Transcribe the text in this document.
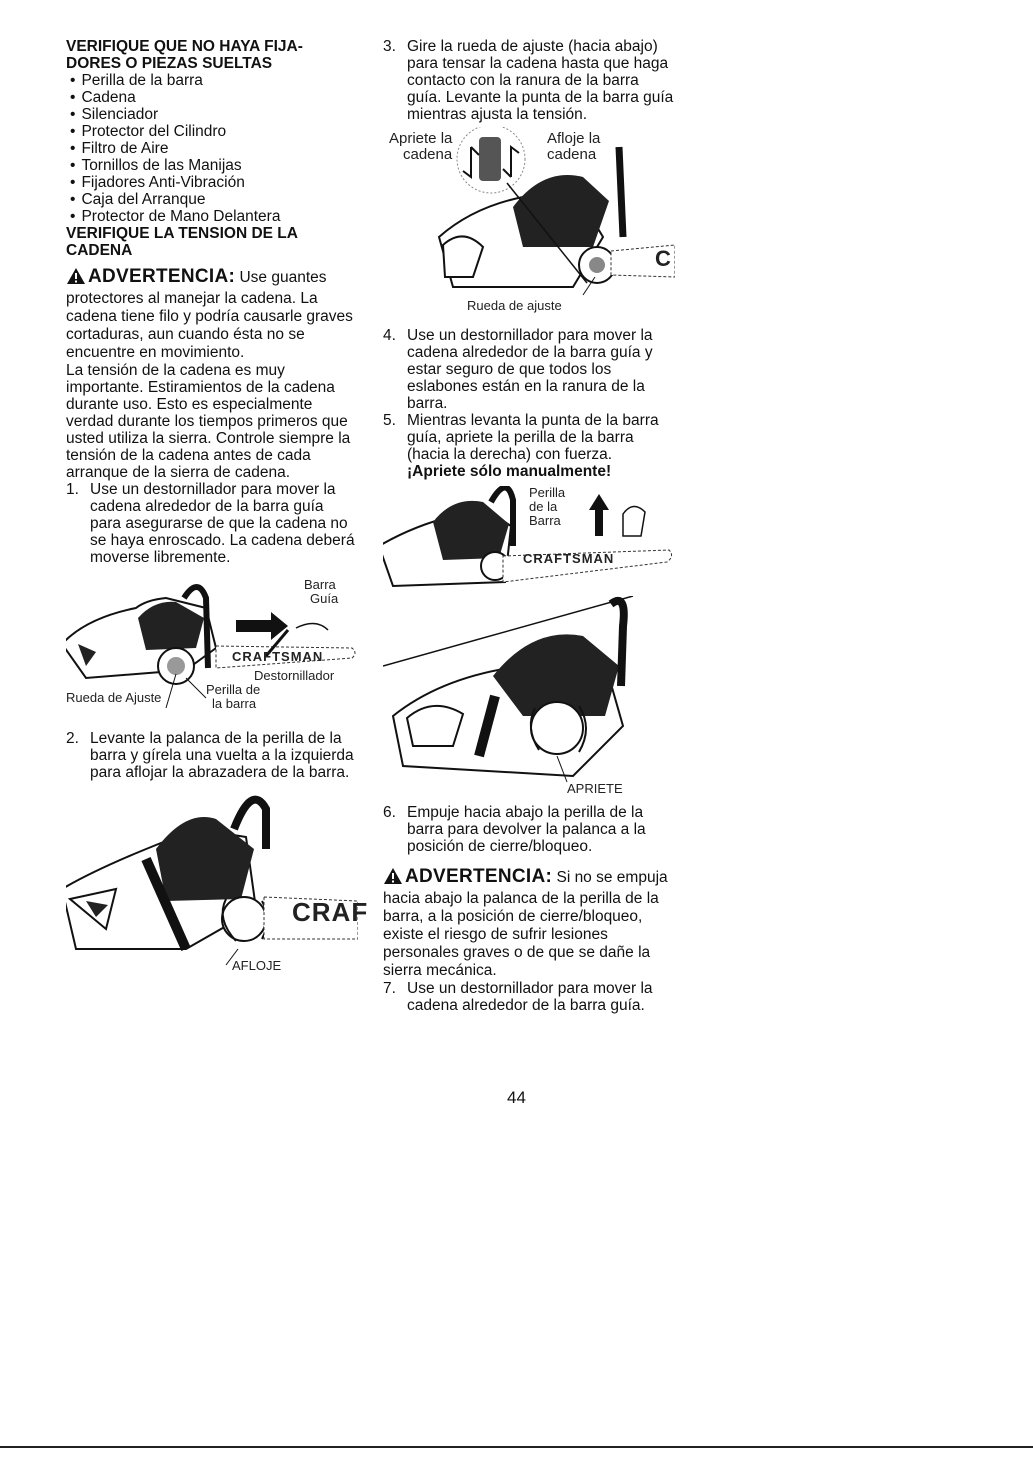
VERIFIQUE QUE NO HAYA FIJA-
DORES O PIEZAS SUELTAS

• Perilla de la barra
• Cadena
• Silenciador
• Protector del Cilindro
• Filtro de Aire
• Tornillos de las Manijas
• Fijadores Anti-Vibración
• Caja del Arranque
• Protector de Mano Delantera

VERIFIQUE LA TENSION DE LA
CADENA

ADVERTENCIA: Use guantes protectores al manejar la cadena. La cadena tiene filo y podría causarle graves cortaduras, aun cuando ésta no se encuentre en movimiento.

La tensión de la cadena es muy importante. Estiramientos de la cadena durante uso. Esto es especialmente verdad durante los tiempos primeros que usted utiliza la sierra. Controle siempre la tensión de la cadena antes de cada arranque de la sierra de cadena.

1. Use un destornillador para mover la cadena alrededor de la barra guía para asegurarse de que la cadena no se haya enroscado. La cadena deberá moverse libremente.
Barra
Guía
CRAFTSMAN
Destornillador
Perilla de
Rueda de Ajuste	la barra
2. Levante la palanca de la perilla de la barra y gírela una vuelta a la izquierda para aflojar la abrazadera de la barra.
CRAF
AFLOJE
3. Gire la rueda de ajuste (hacia abajo) para tensar la cadena hasta que haga contacto con la ranura de la barra guía. Levante la punta de la barra guía mientras ajusta la tensión.
Apriete la
cadena
Afloje la
cadena
C
Rueda de ajuste
4. Use un destornillador para mover la cadena alrededor de la barra guía y estar seguro de que todos los eslabones están en la ranura de la barra.
5. Mientras levanta la punta de la barra guía, apriete la perilla de la barra (hacia la derecha) con fuerza.
¡Apriete sólo manualmente!
Perilla
de la
Barra
CRAFTSMAN
APRIETE
6. Empuje hacia abajo la perilla de la barra para devolver la palanca a la posición de cierre/bloqueo.
ADVERTENCIA: Si no se empuja hacia abajo la palanca de la perilla de la barra, a la posición de cierre/bloqueo, existe el riesgo de sufrir lesiones personales graves o de que se dañe la sierra mecánica.
7. Use un destornillador para mover la cadena alrededor de la barra guía.
44
